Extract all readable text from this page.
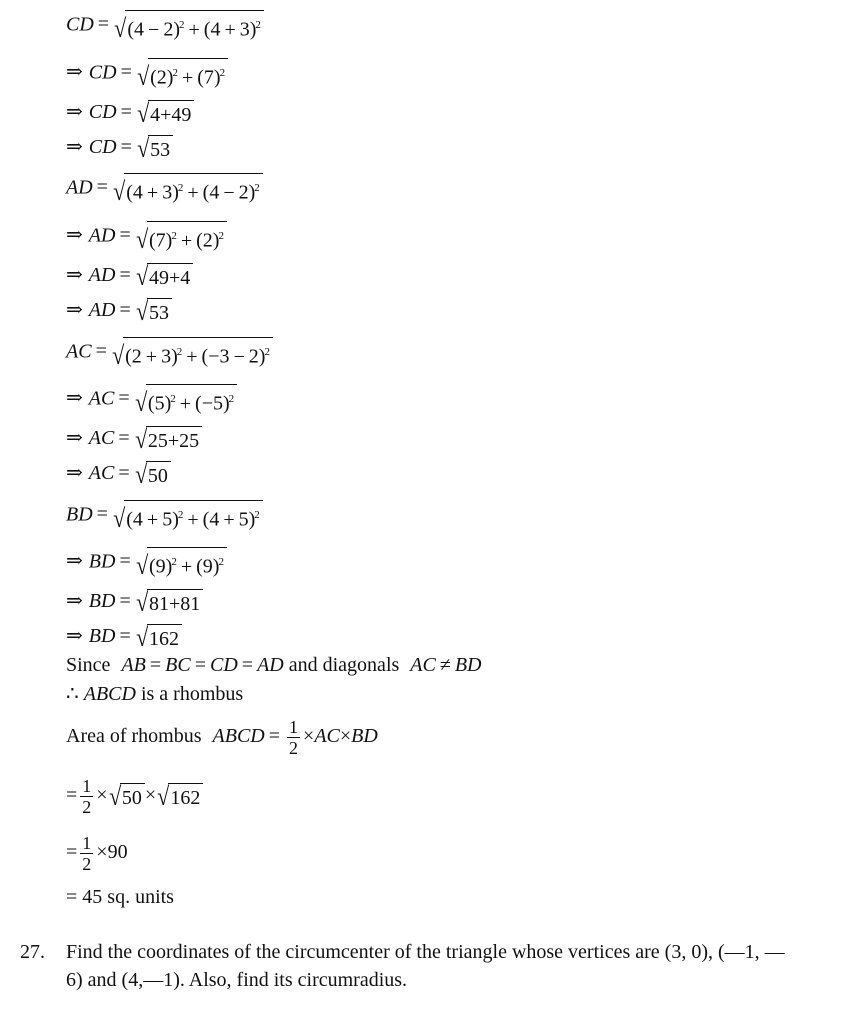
CD = √ $(4 - 2)^2 + (4 + 3)^2$
⇒ CD = √ $(2)^2 + (7)^2$
⇒ CD = √ 4+49
⇒ CD = √ 53
AD = √ $(4 + 3)^2 + (4 - 2)^2$
⇒ AD = √ $(7)^2 + (2)^2$
⇒ AD = √ 49+4
⇒ AD = √ 53
AC = √ $(2 + 3)^2 + (-3 - 2)^2$
⇒ AC = √ $(5)^2 + (-5)^2$
⇒ AC = √ 25+25
⇒ AC = √ 50
BD = √ $(4 + 5)^2 + (4 + 5)^2$
⇒ BD = √ $(9)^2 + (9)^2$
⇒ BD = √ 81+81
⇒ BD = √ 162
Since AB = BC = CD = AD and diagonals AC ≠ BD
∴ ABCD is a rhombus
Area of rhombus ABCD = $\frac{1}{2} \times AC\times BD$
= $\frac{1}{2}$ × √ 50 × √ 162
= $\frac{1}{2} \times 90$
= 45 sq. units
27. Find the coordinates of the circumcenter of the triangle whose vertices are (3, 0), (—1, —
6) and (4,—1). Also, find its circumradius.
